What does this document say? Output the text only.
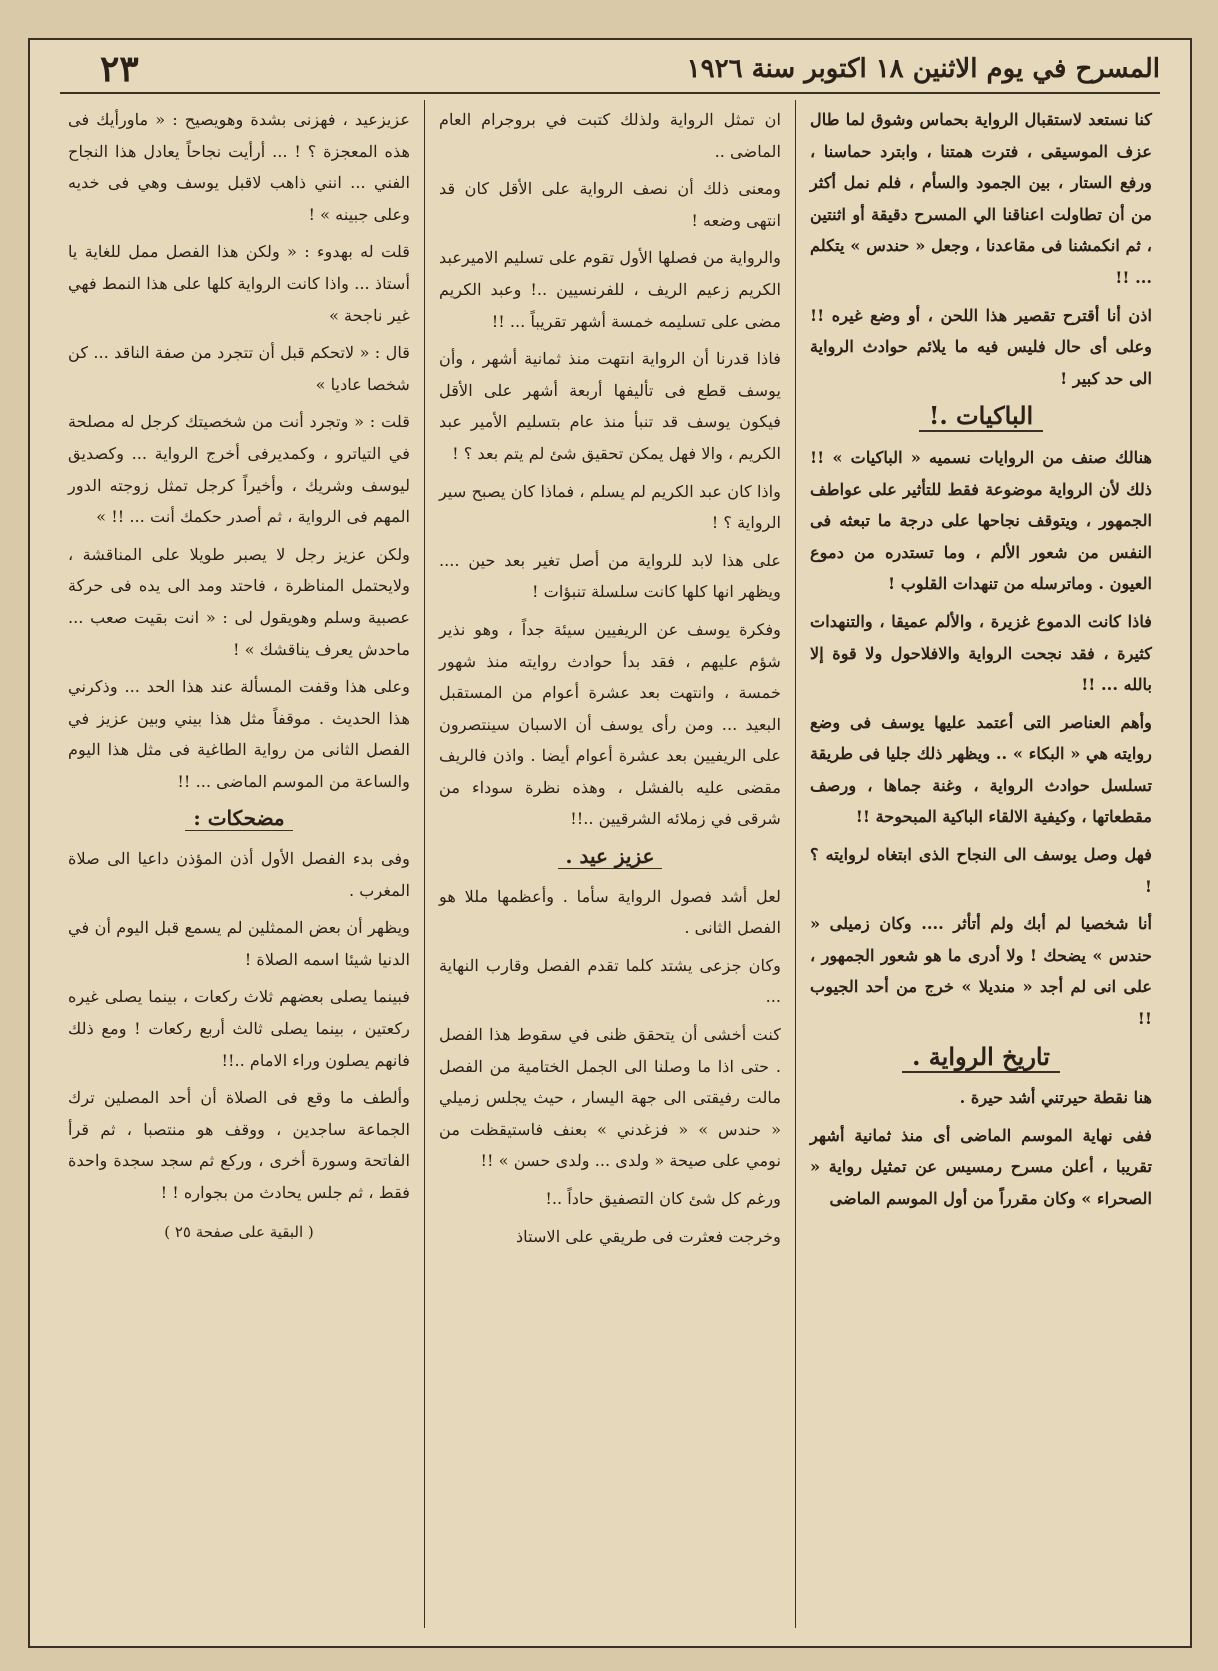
٢٣	المسرح في يوم الاثنين ١٨ اكتوبر سنة ١٩٢٦

كنا نستعد لاستقبال الرواية بحماس وشوق لما طال عزف الموسيقى ، فترت همتنا ، وابترد حماسنا ، ورفع الستار ، بين الجمود والسأم ، فلم نمل أكثر من أن تطاولت اعناقنا الي المسرح دقيقة أو اثنتين ، ثم انكمشنا فى مقاعدنا ، وجعل « حندس » يتكلم ... !!

اذن أنا أقترح تقصير هذا اللحن ، أو وضع غيره !! وعلى أى حال فليس فيه ما يلائم حوادث الرواية الى حد كبير !

الباكيات .!

هنالك صنف من الروايات نسميه « الباكيات » !! ذلك لأن الرواية موضوعة فقط للتأثير على عواطف الجمهور ، ويتوقف نجاحها على درجة ما تبعثه فى النفس من شعور الألم ، وما تستدره من دموع العيون . وماترسله من تنهدات القلوب !

فاذا كانت الدموع غزيرة ، والألم عميقا ، والتنهدات كثيرة ، فقد نجحت الرواية والافلاحول ولا قوة إلا بالله ... !!

وأهم العناصر التى أعتمد عليها يوسف فى وضع روايته هي « البكاء » .. ويظهر ذلك جليا فى طريقة تسلسل حوادث الرواية ، وغنة جماها ، ورصف مقطعاتها ، وكيفية الالقاء الباكية المبحوحة !!

فهل وصل يوسف الى النجاح الذى ابتغاه لروايته ؟ !

أنا شخصيا لم أبك ولم أتأثر .... وكان زميلى « حندس » يضحك ! ولا أدرى ما هو شعور الجمهور ، على انى لم أجد « منديلا » خرج من أحد الجيوب !!

تاريخ الرواية .

هنا نقطة حيرتني أشد حيرة .

ففى نهاية الموسم الماضى أى منذ ثمانية أشهر تقريبا ، أعلن مسرح رمسيس عن تمثيل رواية « الصحراء » وكان مقرراً من أول الموسم الماضى

ان تمثل الرواية ولذلك كتبت في بروجرام العام الماضى ..

ومعنى ذلك أن نصف الرواية على الأقل كان قد انتهى وضعه !

والرواية من فصلها الأول تقوم على تسليم الاميرعبد الكريم زعيم الريف ، للفرنسيين ..! وعبد الكريم مضى على تسليمه خمسة أشهر تقريباً ... !!

فاذا قدرنا أن الرواية انتهت منذ ثمانية أشهر ، وأن يوسف قطع فى تأليفها أربعة أشهر على الأقل فيكون يوسف قد تنبأ منذ عام بتسليم الأمير عبد الكريم ، والا فهل يمكن تحقيق شئ لم يتم بعد ؟ !

واذا كان عبد الكريم لم يسلم ، فماذا كان يصبح سير الرواية ؟ !

على هذا لابد للرواية من أصل تغير بعد حين .... ويظهر انها كلها كانت سلسلة تنبؤات !

وفكرة يوسف عن الريفيين سيئة جداً ، وهو نذير شؤم عليهم ، فقد بدأ حوادث روايته منذ شهور خمسة ، وانتهت بعد عشرة أعوام من المستقبل البعيد ... ومن رأى يوسف أن الاسبان سينتصرون على الريفيين بعد عشرة أعوام أيضا . واذن فالريف مقضى عليه بالفشل ، وهذه نظرة سوداء من شرقى في زملائه الشرقيين ..!!

عزيز عيد .

لعل أشد فصول الرواية سأما . وأعظمها مللا هو الفصل الثانى .

وكان جزعى يشتد كلما تقدم الفصل وقارب النهاية ...

كنت أخشى أن يتحقق ظنى في سقوط هذا الفصل . حتى اذا ما وصلنا الى الجمل الختامية من الفصل مالت رفيقتى الى جهة اليسار ، حيث يجلس زميلي « حندس » « فزغدني » بعنف فاستيقظت من نومي على صيحة « ولدى ... ولدى حسن » !!

ورغم كل شئ كان التصفيق حاداً ..!

وخرجت فعثرت فى طريقي على الاستاذ

عزيزعيد ، فهزنى بشدة وهويصيح : « ماورأيك فى هذه المعجزة ؟ ! ... أرأيت نجاحاً يعادل هذا النجاح الفني ... انني ذاهب لاقبل يوسف وهي فى خديه وعلى جبينه » !

قلت له بهدوء : « ولكن هذا الفصل ممل للغاية يا أستاذ ... واذا كانت الرواية كلها على هذا النمط فهي غير ناجحة »

قال : « لاتحكم قبل أن تتجرد من صفة الناقد ... كن شخصا عاديا »

قلت : « وتجرد أنت من شخصيتك كرجل له مصلحة في التياترو ، وكمديرفى أخرج الرواية ... وكصديق ليوسف وشريك ، وأخيراً كرجل تمثل زوجته الدور المهم فى الرواية ، ثم أصدر حكمك أنت ... !! »

ولكن عزيز رجل لا يصبر طويلا على المناقشة ، ولايحتمل المناظرة ، فاحتد ومد الى يده فى حركة عصبية وسلم وهويقول لى : « انت بقيت صعب ... ماحدش يعرف يناقشك » !

وعلى هذا وقفت المسألة عند هذا الحد ... وذكرني هذا الحديث . موقفاً مثل هذا بيني وبين عزيز في الفصل الثانى من رواية الطاغية فى مثل هذا اليوم والساعة من الموسم الماضى ... !!

مضحكات :

وفى بدء الفصل الأول أذن المؤذن داعيا الى صلاة المغرب .

ويظهر أن بعض الممثلين لم يسمع قبل اليوم أن في الدنيا شيئا اسمه الصلاة !

فبينما يصلى بعضهم ثلاث ركعات ، بينما يصلى غيره ركعتين ، بينما يصلى ثالث أربع ركعات ! ومع ذلك فانهم يصلون وراء الامام ..!!

وألطف ما وقع فى الصلاة أن أحد المصلين ترك الجماعة ساجدين ، ووقف هو منتصبا ، ثم قرأ الفاتحة وسورة أخرى ، وركع ثم سجد سجدة واحدة فقط ، ثم جلس يحادث من بجواره ! !

( البقية على صفحة ٢٥ )
